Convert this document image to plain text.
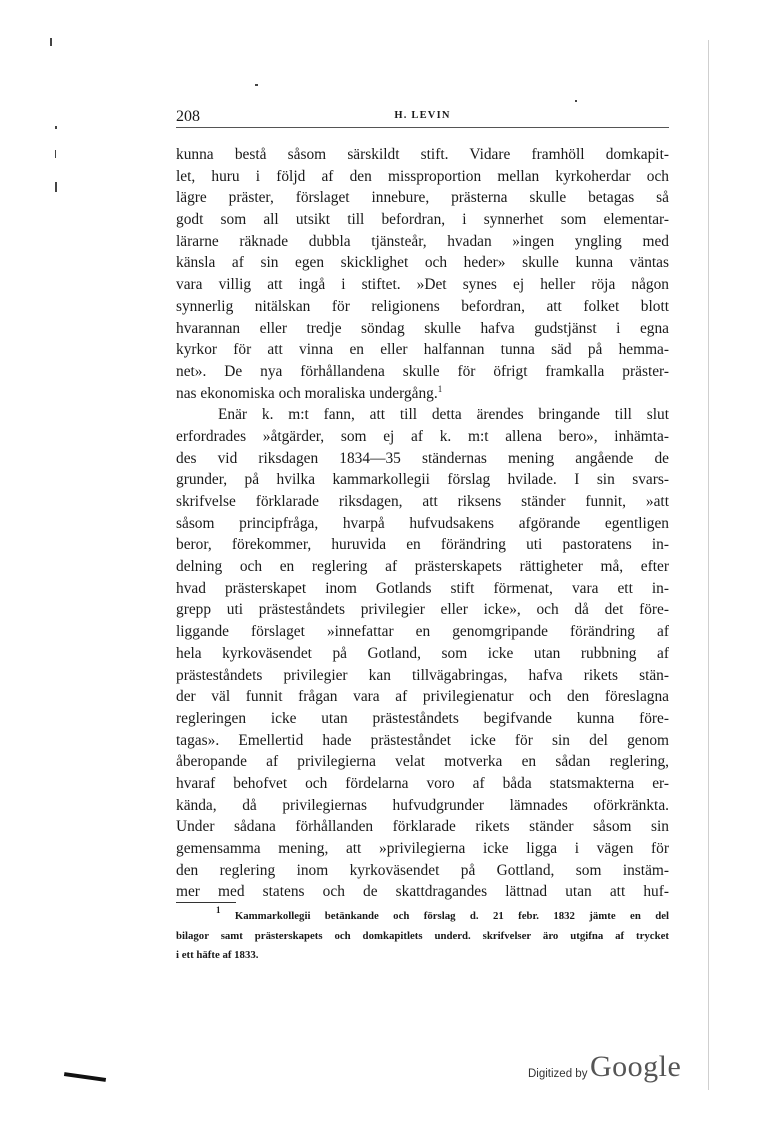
208	H. LEVIN
kunna bestå såsom särskildt stift. Vidare framhöll domkapit-
let, huru i följd af den missproportion mellan kyrkoherdar och
lägre präster, förslaget innebure, prästerna skulle betagas så
godt som all utsikt till befordran, i synnerhet som elementar-
lärarne räknade dubbla tjänsteår, hvadan »ingen yngling med
känsla af sin egen skicklighet och heder» skulle kunna väntas
vara villig att ingå i stiftet. »Det synes ej heller röja någon
synnerlig nitälskan för religionens befordran, att folket blott
hvarannan eller tredje söndag skulle hafva gudstjänst i egna
kyrkor för att vinna en eller halfannan tunna säd på hemma-
net». De nya förhållandena skulle för öfrigt framkalla präster-
nas ekonomiska och moraliska undergång.$^1$
Enär k. m:t fann, att till detta ärendes bringande till slut
erfordrades »åtgärder, som ej af k. m:t allena bero», inhämta-
des vid riksdagen 1834—35 ständernas mening angående de
grunder, på hvilka kammarkollegii förslag hvilade. I sin svars-
skrifvelse förklarade riksdagen, att riksens ständer funnit, »att
såsom principfråga, hvarpå hufvudsakens afgörande egentligen
beror, förekommer, huruvida en förändring uti pastoratens in-
delning och en reglering af prästerskapets rättigheter må, efter
hvad prästerskapet inom Gotlands stift förmenat, vara ett in-
grepp uti prästeståndets privilegier eller icke», och då det före-
liggande förslaget »innefattar en genomgripande förändring af
hela kyrkoväsendet på Gotland, som icke utan rubbning af
prästeståndets privilegier kan tillvägabringas, hafva rikets stän-
der väl funnit frågan vara af privilegienatur och den föreslagna
regleringen icke utan prästeståndets begifvande kunna före-
tagas». Emellertid hade prästeståndet icke för sin del genom
åberopande af privilegierna velat motverka en sådan reglering,
hvaraf behofvet och fördelarna voro af båda statsmakterna er-
kända, då privilegiernas hufvudgrunder lämnades oförkränkta.
Under sådana förhållanden förklarade rikets ständer såsom sin
gemensamma mening, att »privilegierna icke ligga i vägen för
den reglering inom kyrkoväsendet på Gottland, som instäm-
mer med statens och de skattdragandes lättnad utan att huf-
$^1$ Kammarkollegii betänkande och förslag d. 21 febr. 1832 jämte en del
bilagor samt prästerskapets och domkapitlets underd. skrifvelser äro utgifna af trycket
i ett häfte af 1833.
Digitized by Google
